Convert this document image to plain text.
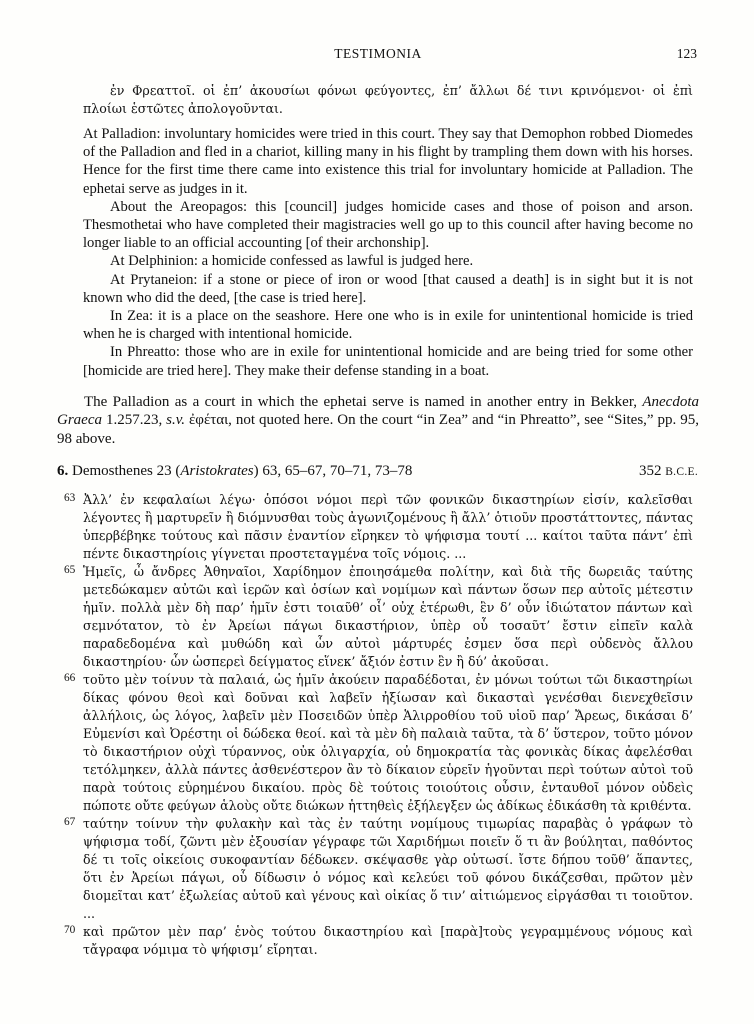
TESTIMONIA	123

ἐν Φρεαττοῖ. οἱ ἐπ’ ἀκουσίωι φόνωι φεύγοντες, ἐπ’ ἄλλωι δέ τινι κρινόμενοι· οἱ ἐπὶ πλοίωι ἑστῶτες ἀπολογοῦνται.

At Palladion: involuntary homicides were tried in this court. They say that Demophon robbed Diomedes of the Palladion and fled in a chariot, killing many in his flight by trampling them down with his horses. Hence for the first time there came into existence this trial for involuntary homicide at Palladion. The ephetai serve as judges in it.

About the Areopagos: this [council] judges homicide cases and those of poison and arson. Thesmothetai who have completed their magistracies well go up to this council after having become no longer liable to an official accounting [of their archonship].

At Delphinion: a homicide confessed as lawful is judged here.

At Prytaneion: if a stone or piece of iron or wood [that caused a death] is in sight but it is not known who did the deed, [the case is tried here].

In Zea: it is a place on the seashore. Here one who is in exile for unintentional homicide is tried when he is charged with intentional homicide.

In Phreatto: those who are in exile for unintentional homicide and are being tried for some other [homicide are tried here]. They make their defense standing in a boat.

The Palladion as a court in which the ephetai serve is named in another entry in Bekker, Anecdota Graeca 1.257.23, s.v. ἐφέται, not quoted here. On the court “in Zea” and “in Phreatto”, see “Sites,” pp. 95, 98 above.

6. Demosthenes 23 (Aristokrates) 63, 65–67, 70–71, 73–78	352 B.C.E.

63 Ἀλλ’ ἐν κεφαλαίωι λέγω· ὁπόσοι νόμοι περὶ τῶν φονικῶν δικαστηρίων εἰσίν, καλεῖσθαι λέγοντες ἢ μαρτυρεῖν ἢ διόμνυσθαι τοὺς ἀγωνιζομένους ἢ ἄλλ’ ὁτιοῦν προστάττοντες, πάντας ὑπερβέβηκε τούτους καὶ πᾶσιν ἐναντίον εἴρηκεν τὸ ψήφισμα τουτί ... καίτοι ταῦτα πάντ’ ἐπὶ πέντε δικαστηρίοις γίγνεται προστεταγμένα τοῖς νόμοις. ...

65 Ἡμεῖς, ὦ ἄνδρες Ἀθηναῖοι, Χαρίδημον ἐποιησάμεθα πολίτην, καὶ διὰ τῆς δωρειᾶς ταύτης μετεδώκαμεν αὐτῶι καὶ ἱερῶν καὶ ὁσίων καὶ νομίμων καὶ πάντων ὅσων περ αὐτοῖς μέτεστιν ἡμῖν. πολλὰ μὲν δὴ παρ’ ἡμῖν ἐστι τοιαῦθ’ οἷ’ οὐχ ἑτέρωθι, ἓν δ’ οὖν ἰδιώτατον πάντων καὶ σεμνότατον, τὸ ἐν Ἀρείωι πάγωι δικαστήριον, ὑπὲρ οὗ τοσαῦτ’ ἔστιν εἰπεῖν καλὰ παραδεδομένα καὶ μυθώδη καὶ ὧν αὐτοὶ μάρτυρές ἐσμεν ὅσα περὶ οὐδενὸς ἄλλου δικαστηρίου· ὧν ὡσπερεὶ δείγματος εἵνεκ’ ἄξιόν ἐστιν ἓν ἢ δύ’ ἀκοῦσαι.

66 τοῦτο μὲν τοίνυν τὰ παλαιά, ὡς ἡμῖν ἀκούειν παραδέδοται, ἐν μόνωι τούτωι τῶι δικαστηρίωι δίκας φόνου θεοὶ καὶ δοῦναι καὶ λαβεῖν ἠξίωσαν καὶ δικασταὶ γενέσθαι διενεχθεῖσιν ἀλλήλοις, ὡς λόγος, λαβεῖν μὲν Ποσειδῶν ὑπὲρ Ἁλιρροθίου τοῦ υἱοῦ παρ’ Ἄρεως, δικάσαι δ’ Εὐμενίσι καὶ Ὀρέστηι οἱ δώδεκα θεοί. καὶ τὰ μὲν δὴ παλαιὰ ταῦτα, τὰ δ’ ὕστερον, τοῦτο μόνον τὸ δικαστήριον οὐχὶ τύραννος, οὐκ ὀλιγαρχία, οὐ δημοκρατία τὰς φονικὰς δίκας ἀφελέσθαι τετόλμηκεν, ἀλλὰ πάντες ἀσθενέστερον ἂν τὸ δίκαιον εὑρεῖν ἡγοῦνται περὶ τούτων αὐτοὶ τοῦ παρὰ τούτοις εὑρημένου δικαίου. πρὸς δὲ τούτοις τοιούτοις οὖσιν, ἐνταυθοῖ μόνον οὐδεὶς πώποτε οὔτε φεύγων ἁλοὺς οὔτε διώκων ἡττηθεὶς ἐξήλεγξεν ὡς ἀδίκως ἐδικάσθη τὰ κριθέντα.

67 ταύτην τοίνυν τὴν φυλακὴν καὶ τὰς ἐν ταύτηι νομίμους τιμωρίας παραβὰς ὁ γράφων τὸ ψήφισμα τοδί, ζῶντι μὲν ἐξουσίαν γέγραφε τῶι Χαριδήμωι ποιεῖν ὅ τι ἂν βούληται, παθόντος δέ τι τοῖς οἰκείοις συκοφαντίαν δέδωκεν. σκέψασθε γὰρ οὑτωσί. ἴστε δήπου τοῦθ’ ἅπαντες, ὅτι ἐν Ἀρείωι πάγωι, οὗ δίδωσιν ὁ νόμος καὶ κελεύει τοῦ φόνου δικάζεσθαι, πρῶτον μὲν διομεῖται κατ’ ἐξωλείας αὑτοῦ καὶ γένους καὶ οἰκίας ὅ τιν’ αἰτιώμενος εἰργάσθαι τι τοιοῦτον. ...

70 καὶ πρῶτον μὲν παρ’ ἑνὸς τούτου δικαστηρίου καὶ [παρὰ]τοὺς γεγραμμένους νόμους καὶ τἄγραφα νόμιμα τὸ ψήφισμ’ εἴρηται.
